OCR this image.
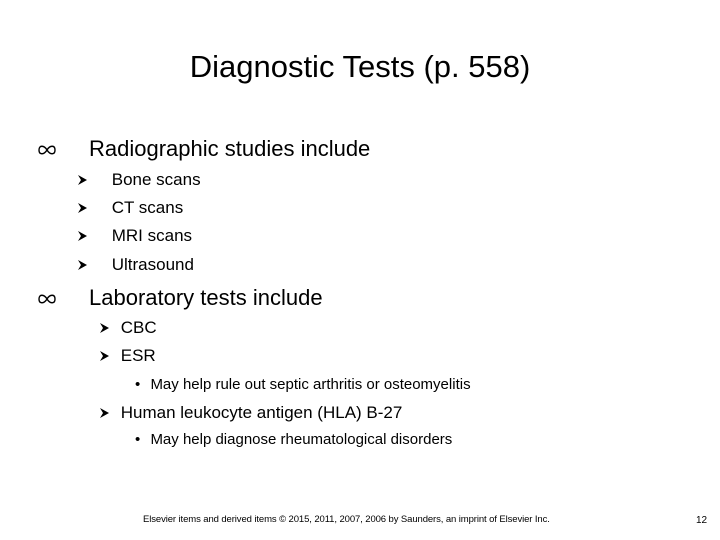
Diagnostic Tests (p. 558)
Radiographic studies include
Bone scans
CT scans
MRI scans
Ultrasound
Laboratory tests include
CBC
ESR
• May help rule out septic arthritis or osteomyelitis
Human leukocyte antigen (HLA) B-27
• May help diagnose rheumatological disorders
Elsevier items and derived items © 2015, 2011, 2007, 2006 by Saunders, an imprint of Elsevier Inc.	12
